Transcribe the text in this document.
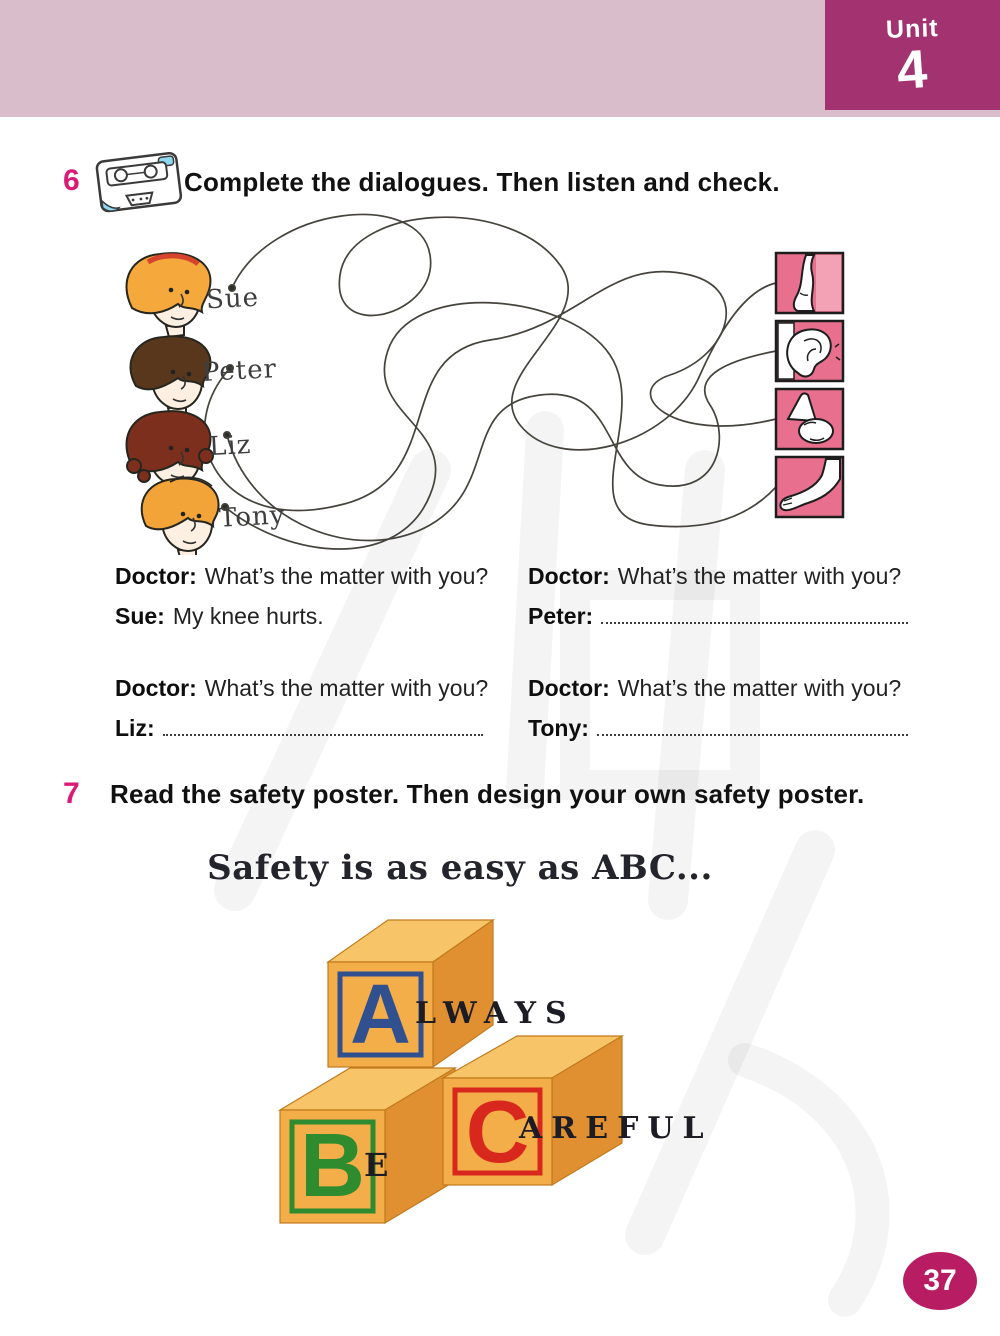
Unit
4
6	Complete the dialogues. Then listen and check.
Sue
Peter
Liz
Tony
Doctor: What’s the matter with you?
Sue: My knee hurts.
Doctor: What’s the matter with you?
Peter:
Doctor: What’s the matter with you?
Liz:
Doctor: What’s the matter with you?
Tony:
7 Read the safety poster. Then design your own safety poster.
Safety is as easy as ABC...
A
B C
LWAYS
E
AREFUL
37
